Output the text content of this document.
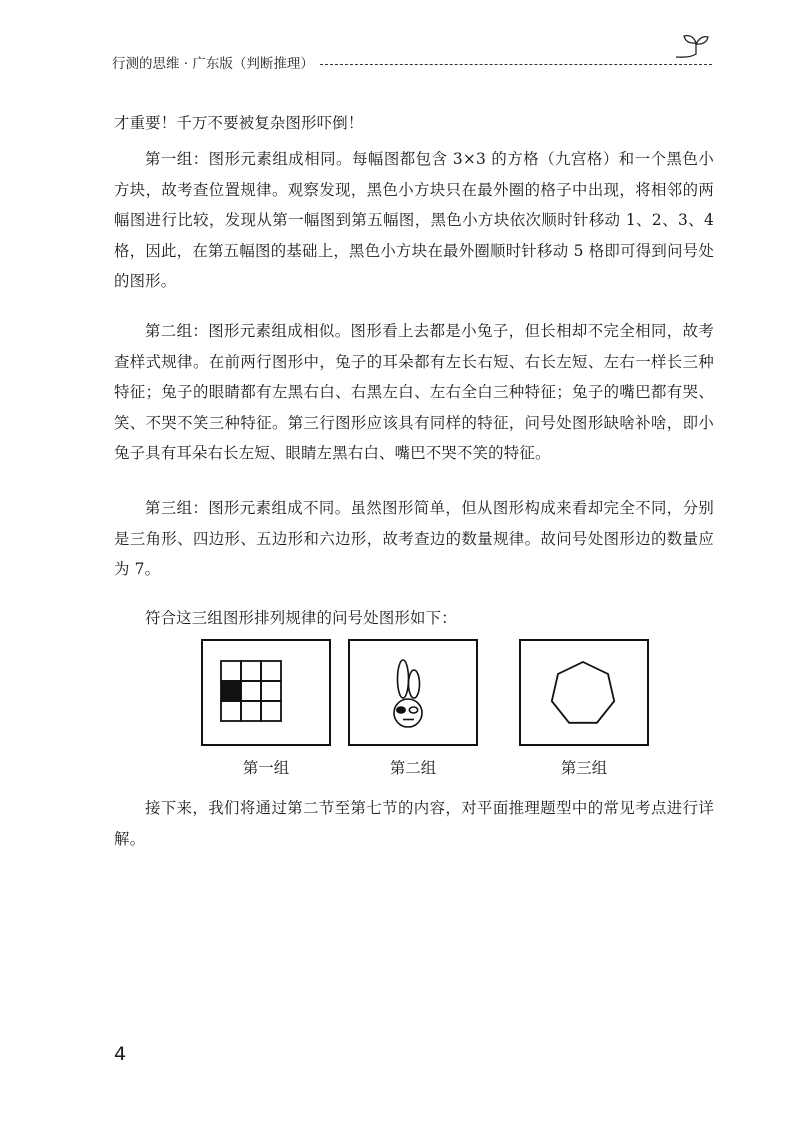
行测的思维 · 广东版（判断推理）

才重要！千万不要被复杂图形吓倒！

第一组：图形元素组成相同。每幅图都包含 3×3 的方格（九宫格）和一个黑色小方块，故考查位置规律。观察发现，黑色小方块只在最外圈的格子中出现，将相邻的两幅图进行比较，发现从第一幅图到第五幅图，黑色小方块依次顺时针移动 1、2、3、4 格，因此，在第五幅图的基础上，黑色小方块在最外圈顺时针移动 5 格即可得到问号处的图形。

第二组：图形元素组成相似。图形看上去都是小兔子，但长相却不完全相同，故考查样式规律。在前两行图形中，兔子的耳朵都有左长右短、右长左短、左右一样长三种特征；兔子的眼睛都有左黑右白、右黑左白、左右全白三种特征；兔子的嘴巴都有哭、笑、不哭不笑三种特征。第三行图形应该具有同样的特征，问号处图形缺啥补啥，即小兔子具有耳朵右长左短、眼睛左黑右白、嘴巴不哭不笑的特征。

第三组：图形元素组成不同。虽然图形简单，但从图形构成来看却完全不同，分别是三角形、四边形、五边形和六边形，故考查边的数量规律。故问号处图形边的数量应为 7。

符合这三组图形排列规律的问号处图形如下：

第一组	第二组	第三组

接下来，我们将通过第二节至第七节的内容，对平面推理题型中的常见考点进行详解。

4
